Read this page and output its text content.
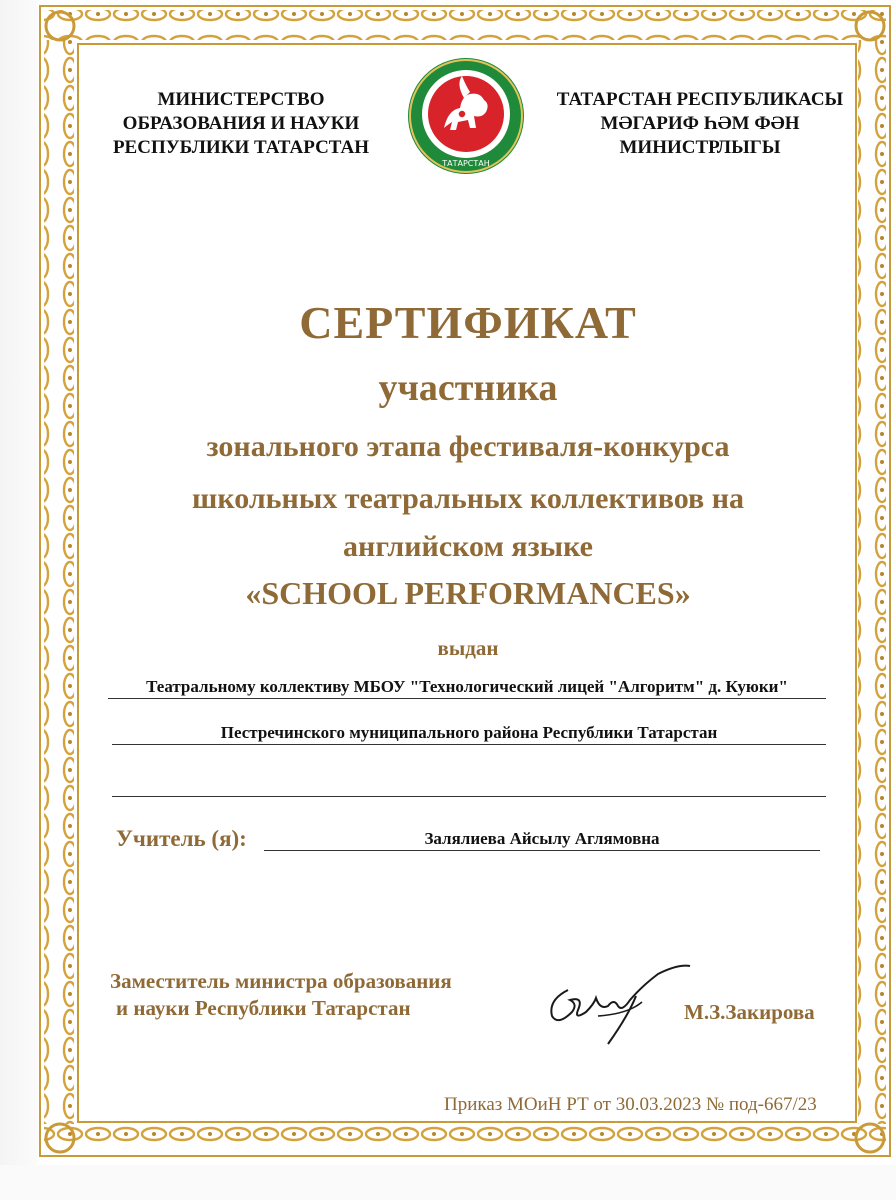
МИНИСТЕРСТВО
ОБРАЗОВАНИЯ И НАУКИ
РЕСПУБЛИКИ ТАТАРСТАН
ТАТАРСТАН
ТАТАРСТАН РЕСПУБЛИКАСЫ
МӘГАРИФ ҺӘМ ФӘН
МИНИСТРЛЫГЫ
СЕРТИФИКАТ
участника
зонального этапа фестиваля-конкурса
школьных театральных коллективов на
английском языке
«SCHOOL PERFORMANCES»
выдан
Театральному коллективу МБОУ "Технологический лицей "Алгоритм" д. Куюки"
Пестречинского муниципального района Республики Татарстан
Учитель (я):	Залялиева Айсылу Аглямовна
Заместитель министра образования
и науки Республики Татарстан	М.З.Закирова
Приказ МОиН РТ от 30.03.2023 № под-667/23
